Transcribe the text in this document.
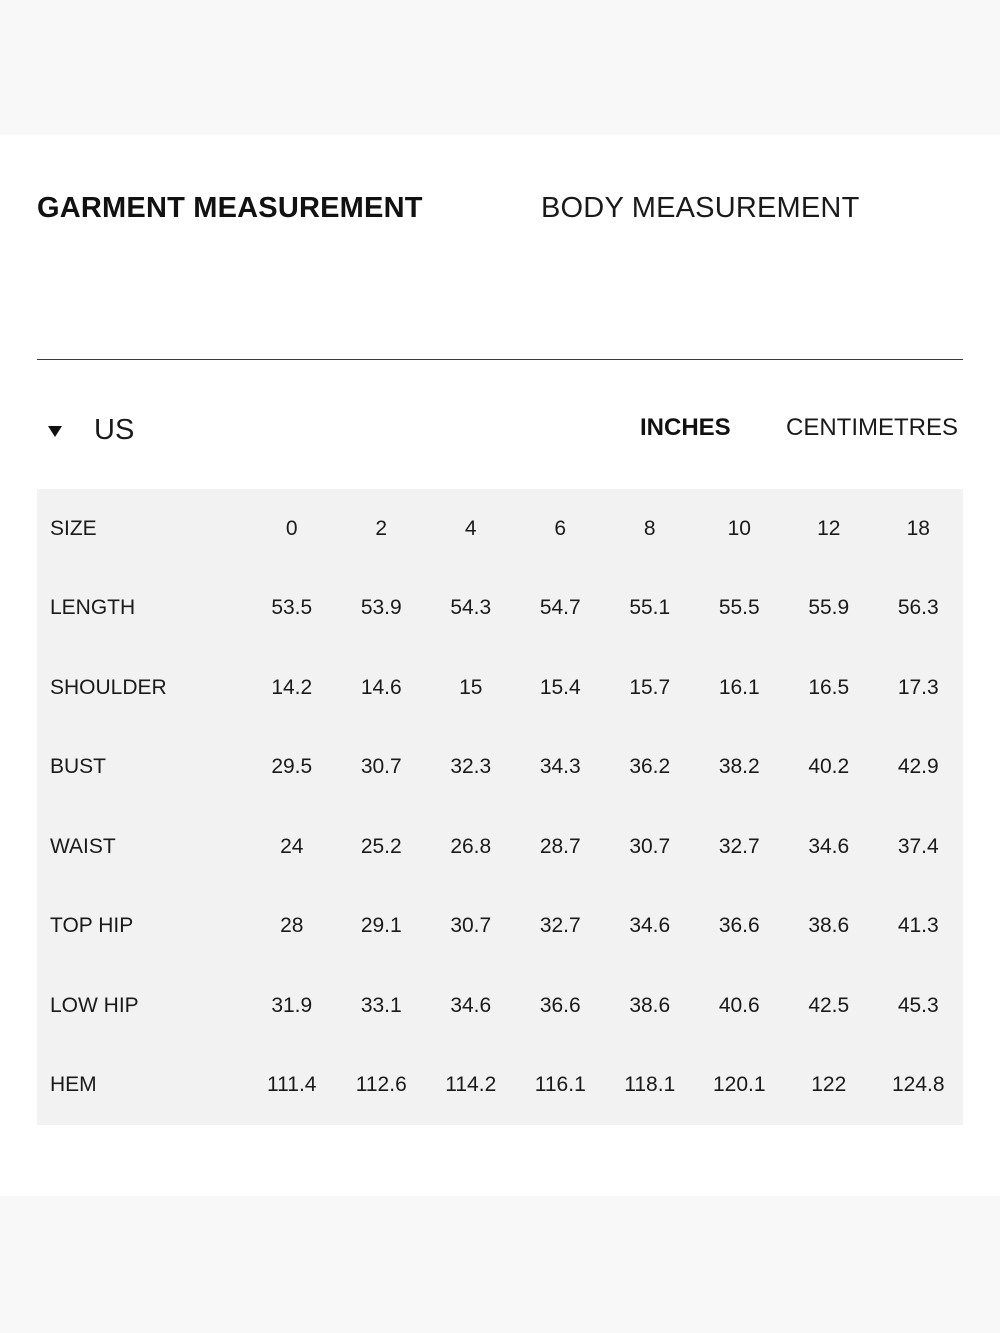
GARMENT MEASUREMENT	BODY MEASUREMENT
US	INCHES CENTIMETRES
SIZE	0	2	4	6	8	10	12	18
LENGTH	53.5	53.9	54.3	54.7	55.1	55.5	55.9	56.3
SHOULDER	14.2	14.6	15	15.4	15.7	16.1	16.5	17.3
BUST	29.5	30.7	32.3	34.3	36.2	38.2	40.2	42.9
WAIST	24	25.2	26.8	28.7	30.7	32.7	34.6	37.4
TOP HIP	28	29.1	30.7	32.7	34.6	36.6	38.6	41.3
LOW HIP	31.9	33.1	34.6	36.6	38.6	40.6	42.5	45.3
HEM	111.4	112.6	114.2	116.1	118.1	120.1	122	124.8
